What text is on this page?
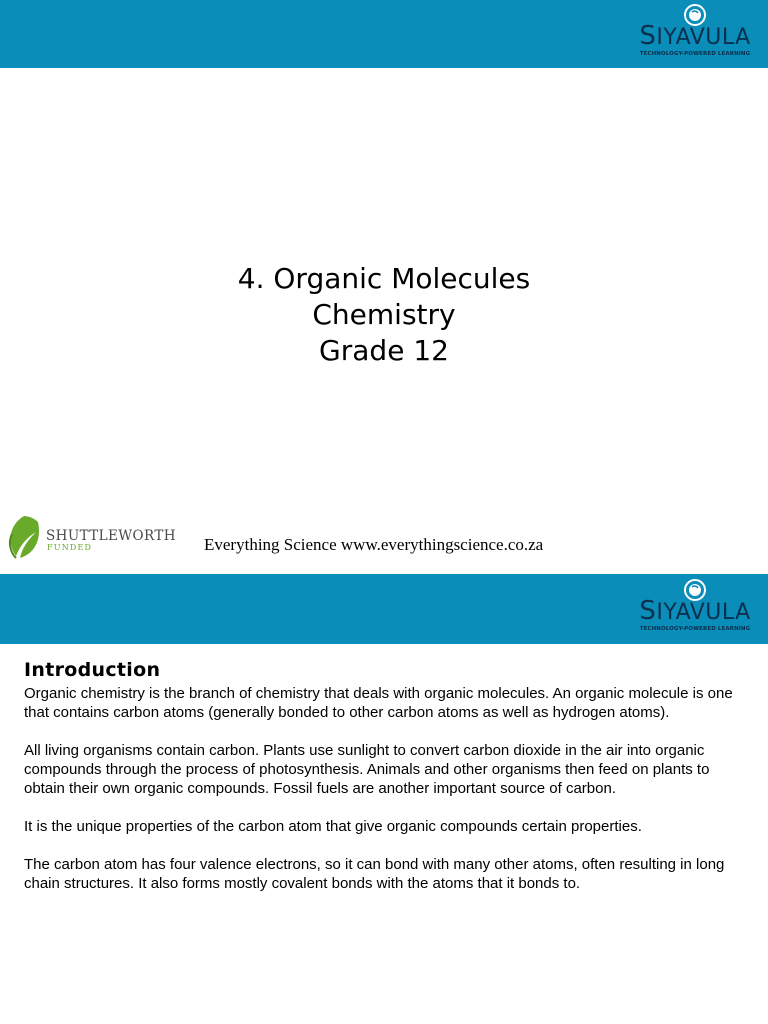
SIYAVULA
TECHNOLOGY-POWERED LEARNING
4. Organic Molecules
Chemistry
Grade 12
SHUTTLEWORTH
FUNDED	Everything Science www.everythingscience.co.za
SIYAVULA
TECHNOLOGY-POWERED LEARNING
Introduction

Organic chemistry is the branch of chemistry that deals with organic molecules. An organic molecule is one that contains carbon atoms (generally bonded to other carbon atoms as well as hydrogen atoms).

All living organisms contain carbon. Plants use sunlight to convert carbon dioxide in the air into organic compounds through the process of photosynthesis. Animals and other organisms then feed on plants to obtain their own organic compounds. Fossil fuels are another important source of carbon.

It is the unique properties of the carbon atom that give organic compounds certain properties.

The carbon atom has four valence electrons, so it can bond with many other atoms, often resulting in long chain structures. It also forms mostly covalent bonds with the atoms that it bonds to.
